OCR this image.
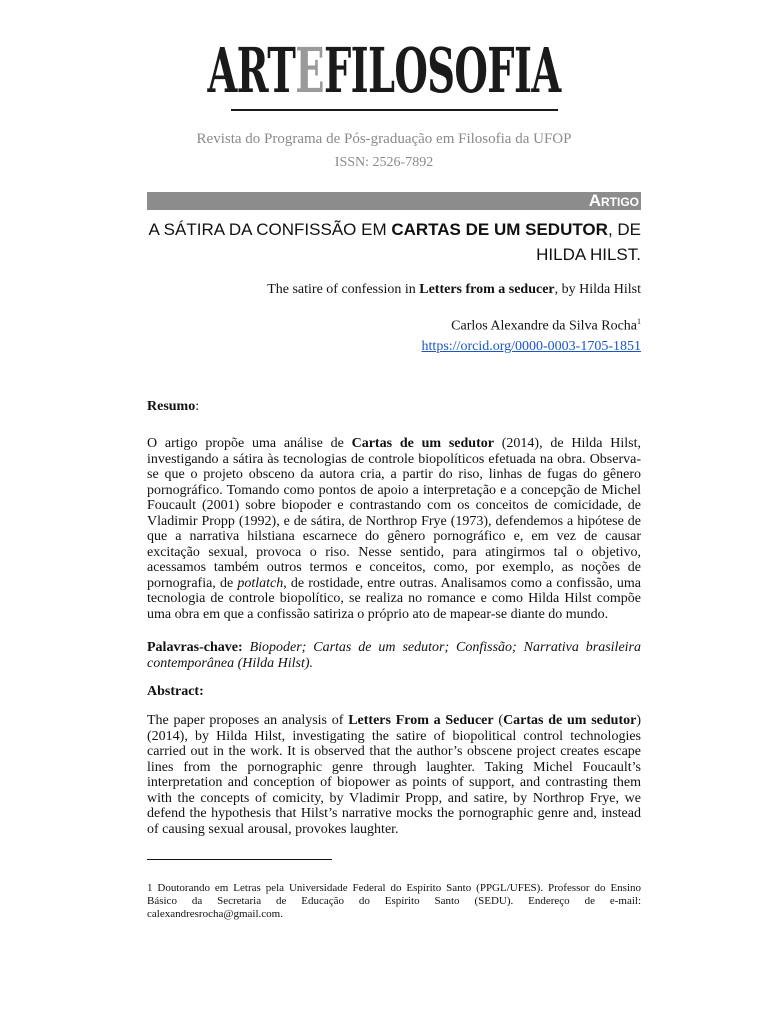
ARTEFILOSOFIA
Revista do Programa de Pós-graduação em Filosofia da UFOP
ISSN: 2526-7892
Artigo
A SÁTIRA DA CONFISSÃO EM CARTAS DE UM SEDUTOR, DE HILDA HILST.
The satire of confession in Letters from a seducer, by Hilda Hilst
Carlos Alexandre da Silva Rocha$^1$
https://orcid.org/0000-0003-1705-1851
Resumo:
O artigo propõe uma análise de Cartas de um sedutor (2014), de Hilda Hilst, investigando a sátira às tecnologias de controle biopolíticos efetuada na obra. Observa-se que o projeto obsceno da autora cria, a partir do riso, linhas de fugas do gênero pornográfico. Tomando como pontos de apoio a interpretação e a concepção de Michel Foucault (2001) sobre biopoder e contrastando com os conceitos de comicidade, de Vladimir Propp (1992), e de sátira, de Northrop Frye (1973), defendemos a hipótese de que a narrativa hilstiana escarnece do gênero pornográfico e, em vez de causar excitação sexual, provoca o riso. Nesse sentido, para atingirmos tal o objetivo, acessamos também outros termos e conceitos, como, por exemplo, as noções de pornografia, de potlatch, de rostidade, entre outras. Analisamos como a confissão, uma tecnologia de controle biopolítico, se realiza no romance e como Hilda Hilst compõe uma obra em que a confissão satiriza o próprio ato de mapear-se diante do mundo.
Palavras-chave: Biopoder; Cartas de um sedutor; Confissão; Narrativa brasileira contemporânea (Hilda Hilst).
Abstract:
The paper proposes an analysis of Letters From a Seducer (Cartas de um sedutor) (2014), by Hilda Hilst, investigating the satire of biopolitical control technologies carried out in the work. It is observed that the author’s obscene project creates escape lines from the pornographic genre through laughter. Taking Michel Foucault’s interpretation and conception of biopower as points of support, and contrasting them with the concepts of comicity, by Vladimir Propp, and satire, by Northrop Frye, we defend the hypothesis that Hilst’s narrative mocks the pornographic genre and, instead of causing sexual arousal, provokes laughter.
1 Doutorando em Letras pela Universidade Federal do Espírito Santo (PPGL/UFES). Professor do Ensino Básico da Secretaria de Educação do Espírito Santo (SEDU). Endereço de e-mail: calexandresrocha@gmail.com.
